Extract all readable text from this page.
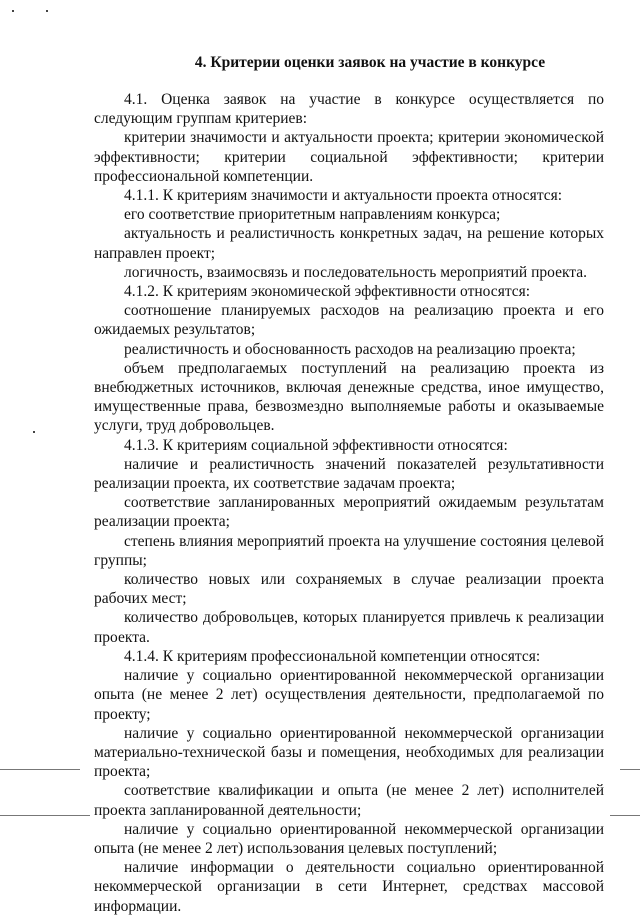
4. Критерии оценки заявок на участие в конкурсе

4.1. Оценка заявок на участие в конкурсе осуществляется по следующим группам критериев:

критерии значимости и актуальности проекта; критерии экономической эффективности; критерии социальной эффективности; критерии профессиональной компетенции.

4.1.1. К критериям значимости и актуальности проекта относятся:

его соответствие приоритетным направлениям конкурса;

актуальность и реалистичность конкретных задач, на решение которых направлен проект;

логичность, взаимосвязь и последовательность мероприятий проекта.

4.1.2. К критериям экономической эффективности относятся:

соотношение планируемых расходов на реализацию проекта и его ожидаемых результатов;

реалистичность и обоснованность расходов на реализацию проекта;

объем предполагаемых поступлений на реализацию проекта из внебюджетных источников, включая денежные средства, иное имущество, имущественные права, безвозмездно выполняемые работы и оказываемые услуги, труд добровольцев.

4.1.3. К критериям социальной эффективности относятся:

наличие и реалистичность значений показателей результативности реализации проекта, их соответствие задачам проекта;

соответствие запланированных мероприятий ожидаемым результатам реализации проекта;

степень влияния мероприятий проекта на улучшение состояния целевой группы;

количество новых или сохраняемых в случае реализации проекта рабочих мест;

количество добровольцев, которых планируется привлечь к реализации проекта.

4.1.4. К критериям профессиональной компетенции относятся:

наличие у социально ориентированной некоммерческой организации опыта (не менее 2 лет) осуществления деятельности, предполагаемой по проекту;

наличие у социально ориентированной некоммерческой организации материально-технической базы и помещения, необходимых для реализации проекта;

соответствие квалификации и опыта (не менее 2 лет) исполнителей проекта запланированной деятельности;

наличие у социально ориентированной некоммерческой организации опыта (не менее 2 лет) использования целевых поступлений;

наличие информации о деятельности социально ориентированной некоммерческой организации в сети Интернет, средствах массовой информации.
